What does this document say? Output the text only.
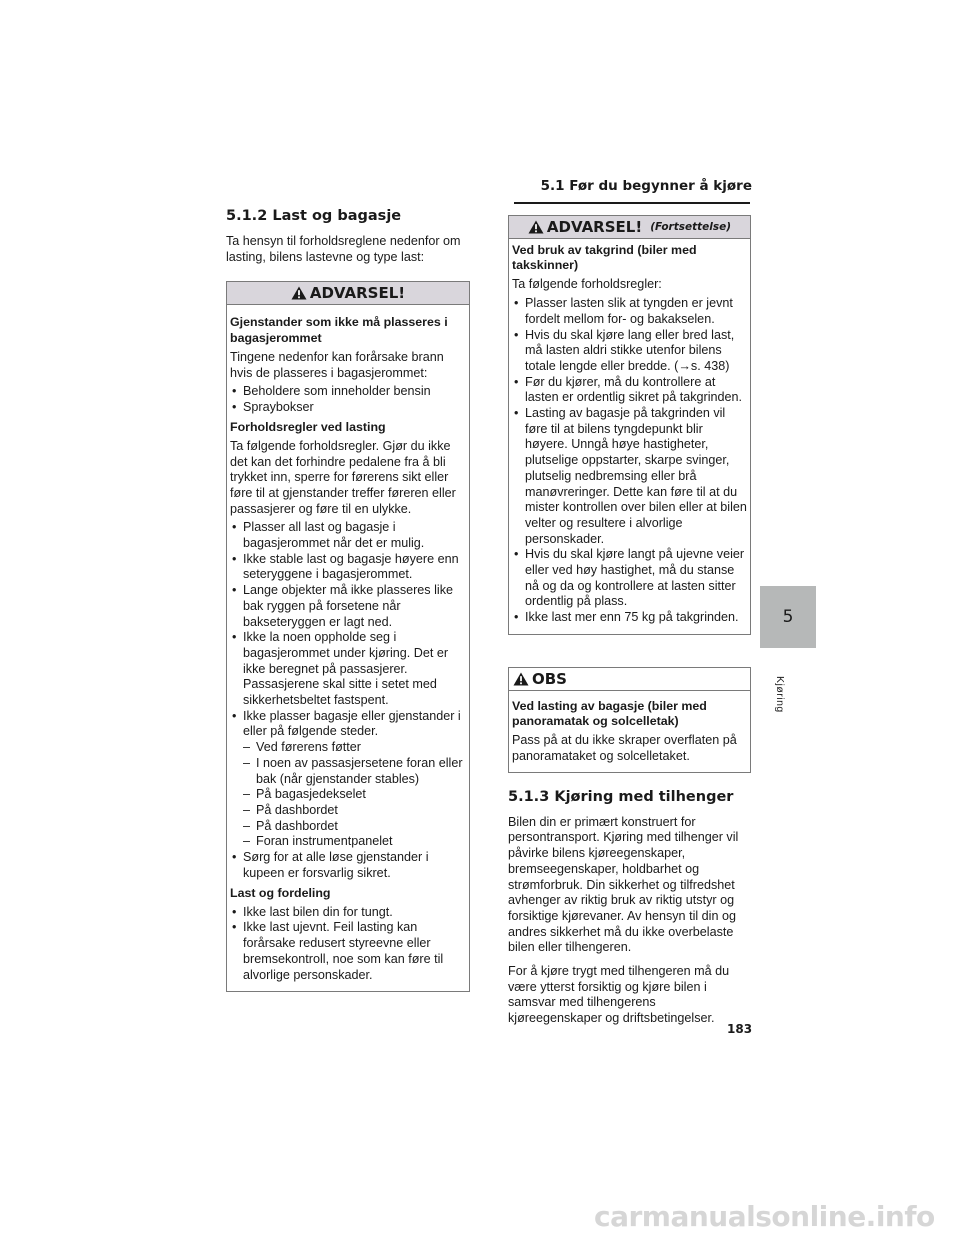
5.1 Før du begynner å kjøre
5.1.2 Last og bagasje

Ta hensyn til forholdsreglene nedenfor om lasting, bilens lastevne og type last:

ADVARSEL!
Gjenstander som ikke må plasseres i bagasjerommet
Tingene nedenfor kan forårsake brann hvis de plasseres i bagasjerommet:
• Beholdere som inneholder bensin
• Spraybokser
Forholdsregler ved lasting
Ta følgende forholdsregler. Gjør du ikke det kan det forhindre pedalene fra å bli trykket inn, sperre for førerens sikt eller føre til at gjenstander treffer føreren eller passasjerer og føre til en ulykke.
• Plasser all last og bagasje i bagasjerommet når det er mulig.
• Ikke stable last og bagasje høyere enn seteryggene i bagasjerommet.
• Lange objekter må ikke plasseres like bak ryggen på forsetene når bakseteryggen er lagt ned.
• Ikke la noen oppholde seg i bagasjerommet under kjøring. Det er ikke beregnet på passasjerer. Passasjerene skal sitte i setet med sikkerhetsbeltet fastspent.
• Ikke plasser bagasje eller gjenstander i eller på følgende steder.
– Ved førerens føtter
– I noen av passasjersetene foran eller bak (når gjenstander stables)
– På bagasjedekselet
– På dashbordet
– På dashbordet
– Foran instrumentpanelet
• Sørg for at alle løse gjenstander i kupeen er forsvarlig sikret.
Last og fordeling
• Ikke last bilen din for tungt.
• Ikke last ujevnt. Feil lasting kan forårsake redusert styreevne eller bremsekontroll, noe som kan føre til alvorlige personskader.
ADVARSEL! (Fortsettelse)
Ved bruk av takgrind (biler med takskinner)
Ta følgende forholdsregler:
• Plasser lasten slik at tyngden er jevnt fordelt mellom for- og bakakselen.
• Hvis du skal kjøre lang eller bred last, må lasten aldri stikke utenfor bilens totale lengde eller bredde. (→s. 438)
• Før du kjører, må du kontrollere at lasten er ordentlig sikret på takgrinden.
• Lasting av bagasje på takgrinden vil føre til at bilens tyngdepunkt blir høyere. Unngå høye hastigheter, plutselige oppstarter, skarpe svinger, plutselig nedbremsing eller brå manøvreringer. Dette kan føre til at du mister kontrollen over bilen eller at bilen velter og resultere i alvorlige personskader.
• Hvis du skal kjøre langt på ujevne veier eller ved høy hastighet, må du stanse nå og da og kontrollere at lasten sitter ordentlig på plass.
• Ikke last mer enn 75 kg på takgrinden.
OBS
Ved lasting av bagasje (biler med panoramatak og solcelletak)
Pass på at du ikke skraper overflaten på panoramataket og solcelletaket.
5.1.3 Kjøring med tilhenger

Bilen din er primært konstruert for persontransport. Kjøring med tilhenger vil påvirke bilens kjøreegenskaper, bremseegenskaper, holdbarhet og strømforbruk. Din sikkerhet og tilfredshet avhenger av riktig bruk av riktig utstyr og forsiktige kjørevaner. Av hensyn til din og andres sikkerhet må du ikke overbelaste bilen eller tilhengeren.

For å kjøre trygt med tilhengeren må du være ytterst forsiktig og kjøre bilen i samsvar med tilhengerens kjøreegenskaper og driftsbetingelser.

5
Kjøring
183
carmanualsonline.info
